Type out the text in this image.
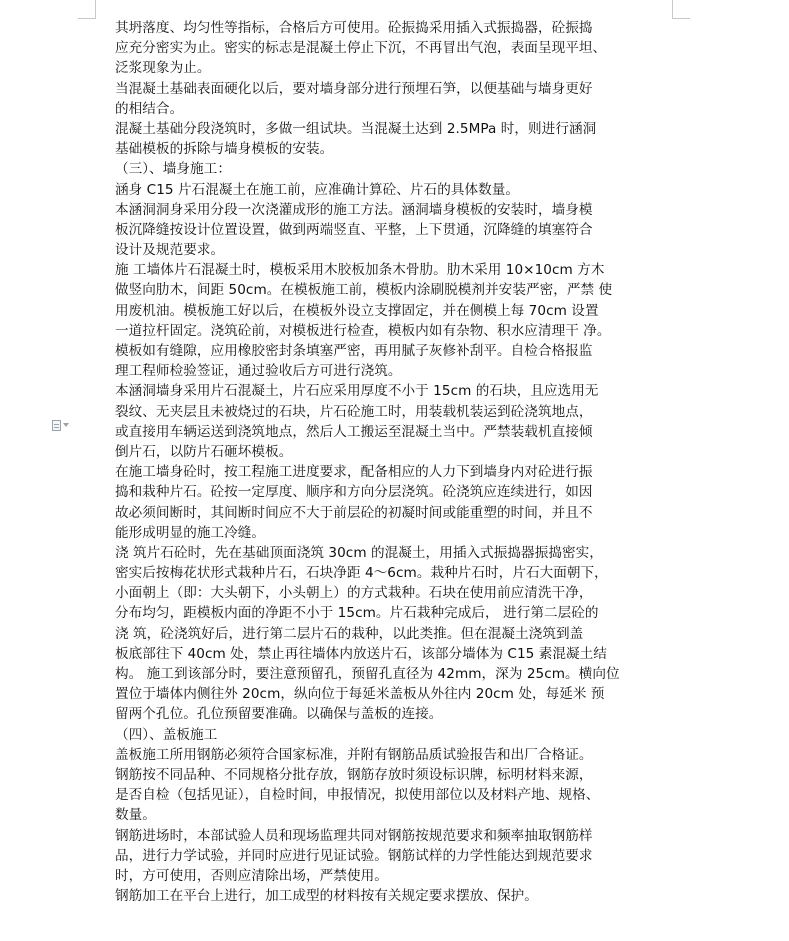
其坍落度、均匀性等指标，合格后方可使用。砼振捣采用插入式振捣器，砼振捣
应充分密实为止。密实的标志是混凝土停止下沉，不再冒出气泡，表面呈现平坦、
泛浆现象为止。
当混凝土基础表面硬化以后，要对墙身部分进行预埋石笋，以便基础与墙身更好
的相结合。
混凝土基础分段浇筑时，多做一组试块。当混凝土达到 2.5MPa 时，则进行涵洞
基础模板的拆除与墙身模板的安装。
（三）、墙身施工：
涵身 C15 片石混凝土在施工前，应准确计算砼、片石的具体数量。
本涵洞洞身采用分段一次浇灌成形的施工方法。涵洞墙身模板的安装时，墙身模
板沉降缝按设计位置设置，做到两端竖直、平整，上下贯通，沉降缝的填塞符合
设计及规范要求。
施 工墙体片石混凝土时，模板采用木胶板加条木骨肋。肋木采用 10×10cm 方木
做竖向肋木，间距 50cm。在模板施工前，模板内涂刷脱模剂并安装严密，严禁 使
用废机油。模板施工好以后，在模板外设立支撑固定，并在侧模上每 70cm 设置
一道拉杆固定。浇筑砼前，对模板进行检查，模板内如有杂物、积水应清理干 净。
模板如有缝隙，应用橡胶密封条填塞严密，再用腻子灰修补刮平。自检合格报监
理工程师检验签证，通过验收后方可进行浇筑。
本涵洞墙身采用片石混凝土，片石应采用厚度不小于 15cm 的石块，且应选用无
裂纹、无夹层且未被烧过的石块，片石砼施工时，用装载机装运到砼浇筑地点，
或直接用车辆运送到浇筑地点，然后人工搬运至混凝土当中。严禁装载机直接倾
倒片石，以防片石砸坏模板。
在施工墙身砼时，按工程施工进度要求，配备相应的人力下到墙身内对砼进行振
捣和栽种片石。砼按一定厚度、顺序和方向分层浇筑。砼浇筑应连续进行，如因
故必须间断时，其间断时间应不大于前层砼的初凝时间或能重塑的时间，并且不
能形成明显的施工冷缝。
浇 筑片石砼时，先在基础顶面浇筑 30cm 的混凝土，用插入式振捣器振捣密实，
密实后按梅花状形式栽种片石，石块净距 4～6cm。栽种片石时，片石大面朝下，
小面朝上（即：大头朝下，小头朝上）的方式栽种。石块在使用前应清洗干净，
分布均匀，距模板内面的净距不小于 15cm。片石栽种完成后， 进行第二层砼的
浇 筑，砼浇筑好后，进行第二层片石的栽种，以此类推。但在混凝土浇筑到盖
板底部往下 40cm 处，禁止再往墙体内放送片石，该部分墙体为 C15 素混凝土结
构。 施工到该部分时，要注意预留孔，预留孔直径为 42mm，深为 25cm。横向位
置位于墙体内侧往外 20cm，纵向位于每延米盖板从外往内 20cm 处，每延米 预
留两个孔位。孔位预留要准确。以确保与盖板的连接。
（四）、盖板施工
盖板施工所用钢筋必须符合国家标准，并附有钢筋品质试验报告和出厂合格证。
钢筋按不同品种、不同规格分批存放，钢筋存放时须设标识牌，标明材料来源，
是否自检（包括见证），自检时间，申报情况，拟使用部位以及材料产地、规格、
数量。
钢筋进场时，本部试验人员和现场监理共同对钢筋按规范要求和频率抽取钢筋样
品，进行力学试验，并同时应进行见证试验。钢筋试样的力学性能达到规范要求
时，方可使用，否则应清除出场，严禁使用。
钢筋加工在平台上进行，加工成型的材料按有关规定要求摆放、保护。
